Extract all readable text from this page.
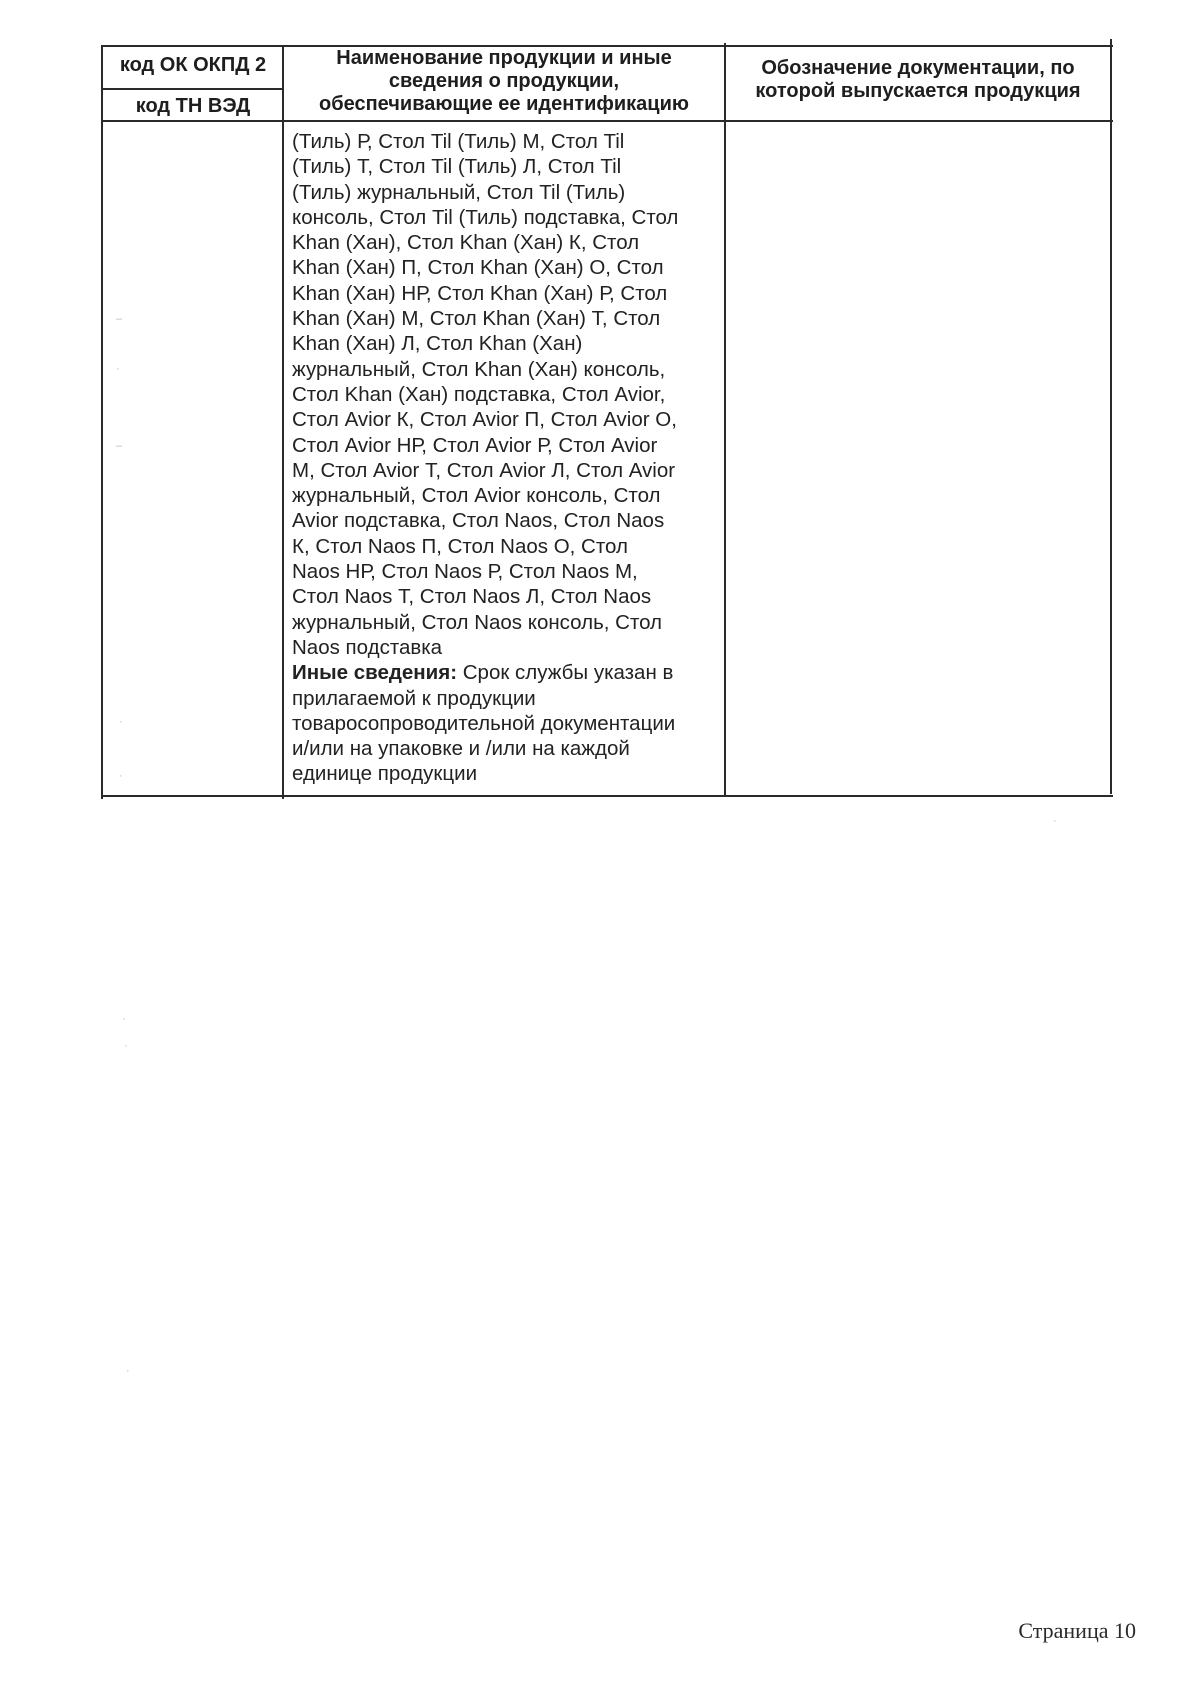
код ОК ОКПД 2
код ТН ВЭД
Наименование продукции и иные
сведения о продукции,
обеспечивающие ее идентификацию
Обозначение документации, по
которой выпускается продукция
(Тиль) Р, Стол Til (Тиль) М, Стол Til
(Тиль) Т, Стол Til (Тиль) Л, Стол Til
(Тиль) журнальный, Стол Til (Тиль)
консоль, Стол Til (Тиль) подставка, Стол
Khan (Хан), Стол Khan (Хан) К, Стол
Khan (Хан) П, Стол Khan (Хан) О, Стол
Khan (Хан) НР, Стол Khan (Хан) Р, Стол
Khan (Хан) М, Стол Khan (Хан) Т, Стол
Khan (Хан) Л, Стол Khan (Хан)
журнальный, Стол Khan (Хан) консоль,
Стол Khan (Хан) подставка, Стол Avior,
Стол Avior К, Стол Avior П, Стол Avior О,
Стол Avior НР, Стол Avior Р, Стол Avior
М, Стол Avior Т, Стол Avior Л, Стол Avior
журнальный, Стол Avior консоль, Стол
Avior подставка, Стол Naos, Стол Naos
К, Стол Naos П, Стол Naos О, Стол
Naos НР, Стол Naos Р, Стол Naos М,
Стол Naos Т, Стол Naos Л, Стол Naos
журнальный, Стол Naos консоль, Стол
Naos подставка
Иные сведения: Срок службы указан в
прилагаемой к продукции
товаросопроводительной документации
и/или на упаковке и /или на каждой
единице продукции
–
·
–
·
·
·
·
·
·
Страница 10
